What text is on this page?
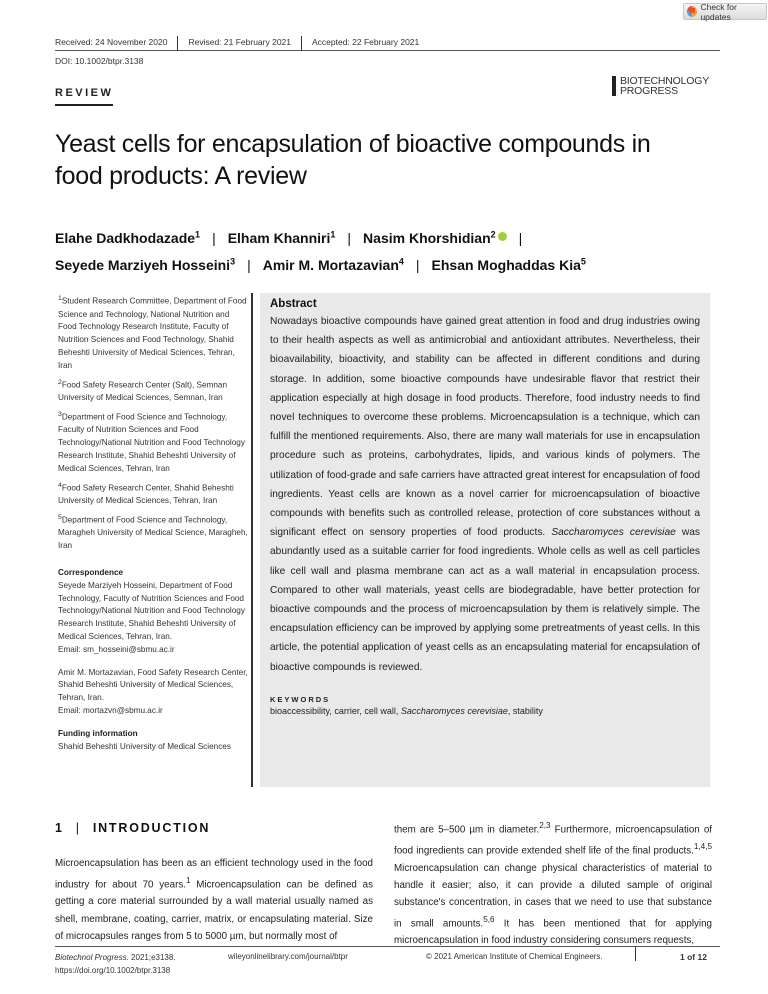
Check for updates
Received: 24 November 2020	Revised: 21 February 2021	Accepted: 22 February 2021
DOI: 10.1002/btpr.3138
REVIEW
BIOTECHNOLOGY
PROGRESS
Yeast cells for encapsulation of bioactive compounds in food products: A review
Elahe Dadkhodazade$^1$ | Elham Khanniri$^1$ | Nasim Khorshidian$^2$ |
Seyede Marziyeh Hosseini$^3$ | Amir M. Mortazavian$^4$ | Ehsan Moghaddas Kia$^5$

$^1$Student Research Committee, Department of Food Science and Technology, National Nutrition and Food Technology Research Institute, Faculty of Nutrition Sciences and Food Technology, Shahid Beheshti University of Medical Sciences, Tehran, Iran

$^2$Food Safety Research Center (Salt), Semnan University of Medical Sciences, Semnan, Iran

$^3$Department of Food Science and Technology, Faculty of Nutrition Sciences and Food Technology/National Nutrition and Food Technology Research Institute, Shahid Beheshti University of Medical Sciences, Tehran, Iran

$^4$Food Safety Research Center, Shahid Beheshti University of Medical Sciences, Tehran, Iran

$^5$Department of Food Science and Technology, Maragheh University of Medical Science, Maragheh, Iran

Correspondence
Seyede Marziyeh Hosseini, Department of Food Technology, Faculty of Nutrition Sciences and Food Technology/National Nutrition and Food Technology Research Institute, Shahid Beheshti University of Medical Sciences, Tehran, Iran.
Email: sm_hosseini@sbmu.ac.ir
Amir M. Mortazavian, Food Safety Research Center, Shahid Beheshti University of Medical Sciences, Tehran, Iran.
Email: mortazvn@sbmu.ac.ir
Funding information
Shahid Beheshti University of Medical Sciences
Abstract
Nowadays bioactive compounds have gained great attention in food and drug industries owing to their health aspects as well as antimicrobial and antioxidant attributes. Nevertheless, their bioavailability, bioactivity, and stability can be affected in different conditions and during storage. In addition, some bioactive compounds have undesirable flavor that restrict their application especially at high dosage in food products. Therefore, food industry needs to find novel techniques to overcome these problems. Microencapsulation is a technique, which can fulfill the mentioned requirements. Also, there are many wall materials for use in encapsulation procedure such as proteins, carbohydrates, lipids, and various kinds of polymers. The utilization of food-grade and safe carriers have attracted great interest for encapsulation of food ingredients. Yeast cells are known as a novel carrier for microencapsulation of bioactive compounds with benefits such as controlled release, protection of core substances without a significant effect on sensory properties of food products. Saccharomyces cerevisiae was abundantly used as a suitable carrier for food ingredients. Whole cells as well as cell particles like cell wall and plasma membrane can act as a wall material in encapsulation process. Compared to other wall materials, yeast cells are biodegradable, have better protection for bioactive compounds and the process of microencapsulation by them is relatively simple. The encapsulation efficiency can be improved by applying some pretreatments of yeast cells. In this article, the potential application of yeast cells as an encapsulating material for encapsulation of bioactive compounds is reviewed.
KEYWORDS
bioaccessibility, carrier, cell wall, Saccharomyces cerevisiae, stability
1 | INTRODUCTION
Microencapsulation has been as an efficient technology used in the food industry for about 70 years.$^1$ Microencapsulation can be defined as getting a core material surrounded by a wall material usually named as shell, membrane, coating, carrier, matrix, or encapsulating material. Size of microcapsules ranges from 5 to 5000 µm, but normally most of
them are 5–500 µm in diameter.$^{2,3}$ Furthermore, microencapsulation of food ingredients can provide extended shelf life of the final products.$^{1,4,5}$ Microencapsulation can change physical characteristics of material to handle it easier; also, it can provide a diluted sample of original substance's concentration, in cases that we need to use that substance in small amounts.$^{5,6}$ It has been mentioned that for applying microencapsulation in food industry considering consumers requests,
Biotechnol Progress. 2021;e3138.
https://doi.org/10.1002/btpr.3138
wileyonlinelibrary.com/journal/btpr	© 2021 American Institute of Chemical Engineers.	1 of 12
